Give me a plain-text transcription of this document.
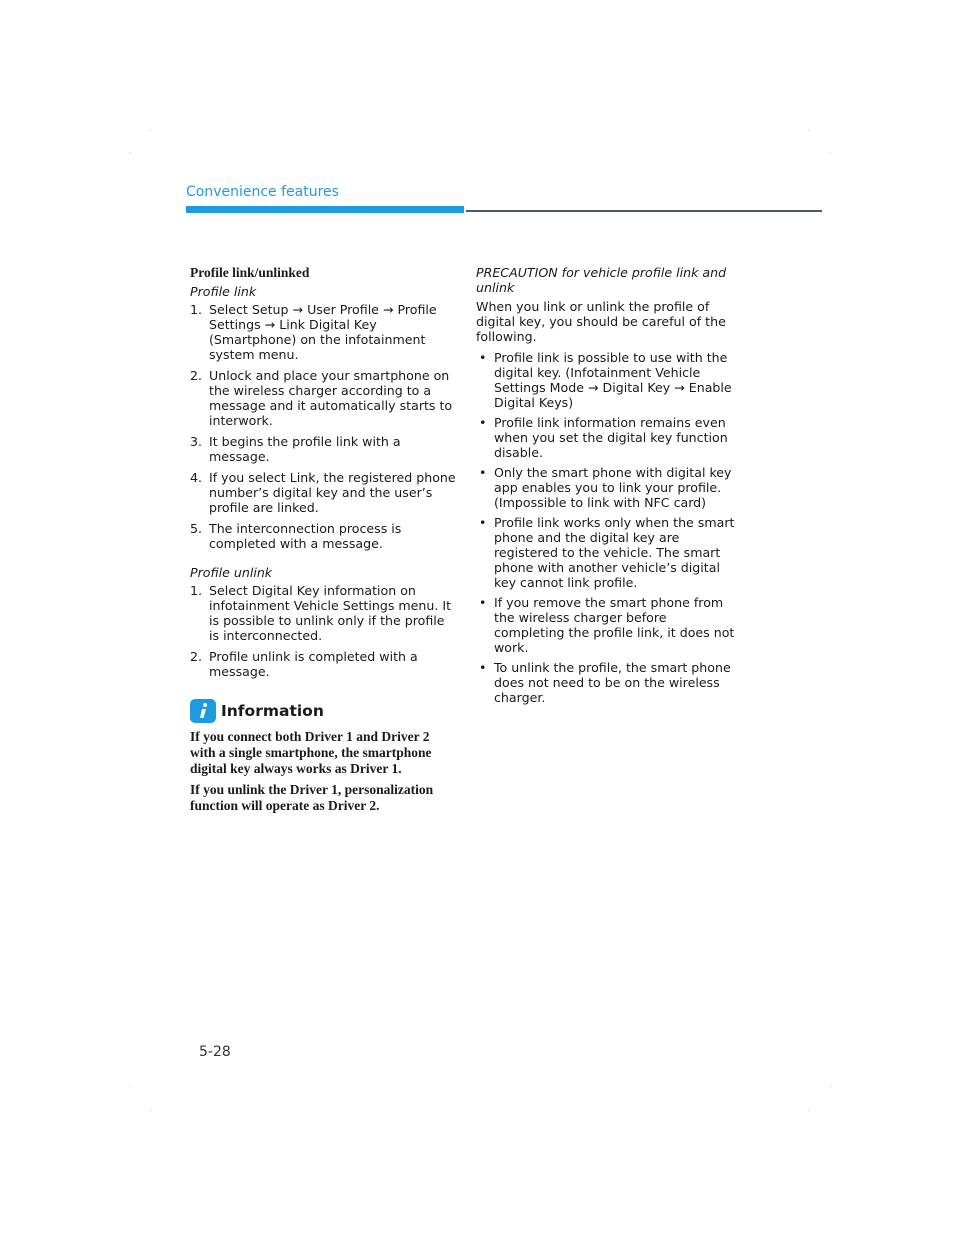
Convenience features

Profile link/unlinked

Profile link

1. Select Setup → User Profile → Profile Settings → Link Digital Key (Smartphone) on the infotainment system menu.
2. Unlock and place your smartphone on the wireless charger according to a message and it automatically starts to interwork.
3. It begins the profile link with a message.
4. If you select Link, the registered phone number’s digital key and the user’s profile are linked.
5. The interconnection process is completed with a message.

Profile unlink

1. Select Digital Key information on infotainment Vehicle Settings menu. It is possible to unlink only if the profile is interconnected.
2. Profile unlink is completed with a message.
Information

If you connect both Driver 1 and Driver 2 with a single smartphone, the smartphone digital key always works as Driver 1.

If you unlink the Driver 1, personalization function will operate as Driver 2.

PRECAUTION for vehicle profile link and unlink

When you link or unlink the profile of digital key, you should be careful of the following.

• Profile link is possible to use with the digital key. (Infotainment Vehicle Settings Mode → Digital Key → Enable Digital Keys)
• Profile link information remains even when you set the digital key function disable.
• Only the smart phone with digital key app enables you to link your profile. (Impossible to link with NFC card)
• Profile link works only when the smart phone and the digital key are registered to the vehicle. The smart phone with another vehicle’s digital key cannot link profile.
• If you remove the smart phone from the wireless charger before completing the profile link, it does not work.
• To unlink the profile, the smart phone does not need to be on the wireless charger.
5-28
